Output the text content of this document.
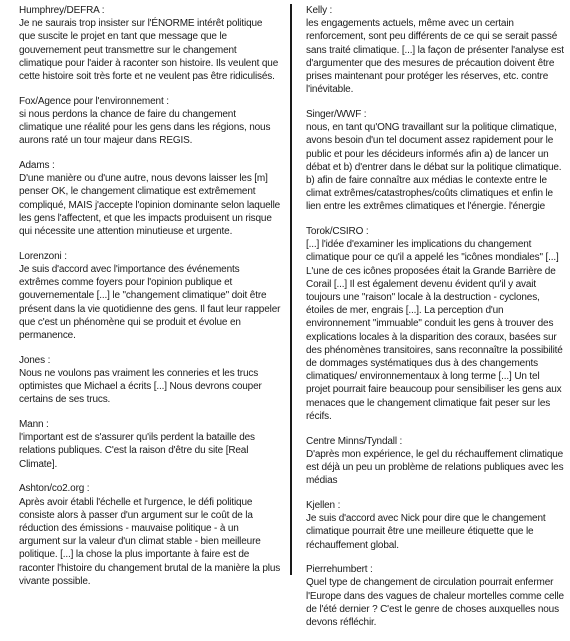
Humphrey/DEFRA :

Je ne saurais trop insister sur l'ÉNORME intérêt politique que suscite le projet en tant que message que le gouvernement peut transmettre sur le changement climatique pour l'aider à raconter son histoire. Ils veulent que cette histoire soit très forte et ne veulent pas être ridiculisés.

Fox/Agence pour l'environnement :

si nous perdons la chance de faire du changement climatique une réalité pour les gens dans les régions, nous aurons raté un tour majeur dans REGIS.

Adams :

D'une manière ou d'une autre, nous devons laisser les [m] penser OK, le changement climatique est extrêmement compliqué, MAIS j'accepte l'opinion dominante selon laquelle les gens l'affectent, et que les impacts produisent un risque qui nécessite une attention minutieuse et urgente.

Lorenzoni :

Je suis d'accord avec l'importance des événements extrêmes comme foyers pour l'opinion publique et gouvernementale [...] le "changement climatique" doit être présent dans la vie quotidienne des gens. Il faut leur rappeler que c'est un phénomène qui se produit et évolue en permanence.

Jones :

Nous ne voulons pas vraiment les conneries et les trucs optimistes que Michael a écrits [...] Nous devrons couper certains de ses trucs.

Mann :

l'important est de s'assurer qu'ils perdent la bataille des relations publiques. C'est la raison d'être du site [Real Climate].

Ashton/co2.org :

Après avoir établi l'échelle et l'urgence, le défi politique consiste alors à passer d'un argument sur le coût de la réduction des émissions - mauvaise politique - à un argument sur la valeur d'un climat stable - bien meilleure politique. [...] la chose la plus importante à faire est de raconter l'histoire du changement brutal de la manière la plus vivante possible.

Kelly :

les engagements actuels, même avec un certain renforcement, sont peu différents de ce qui se serait passé sans traité climatique. [...] la façon de présenter l'analyse est d'argumenter que des mesures de précaution doivent être prises maintenant pour protéger les réserves, etc. contre l'inévitable.

Singer/WWF :

nous, en tant qu'ONG travaillant sur la politique climatique, avons besoin d'un tel document assez rapidement pour le public et pour les décideurs informés afin a) de lancer un débat et b) d'entrer dans le débat sur la politique climatique. b) afin de faire connaître aux médias le contexte entre le climat extrêmes/catastrophes/coûts climatiques et enfin le lien entre les extrêmes climatiques et l'énergie. l'énergie

Torok/CSIRO :

[...] l'idée d'examiner les implications du changement climatique pour ce qu'il a appelé les "icônes mondiales" [...] L'une de ces icônes proposées était la Grande Barrière de Corail [...] Il est également devenu évident qu'il y avait toujours une "raison" locale à la destruction - cyclones, étoiles de mer, engrais [...]. La perception d'un environnement "immuable" conduit les gens à trouver des explications locales à la disparition des coraux, basées sur des phénomènes transitoires, sans reconnaître la possibilité de dommages systématiques dus à des changements climatiques/ environnementaux à long terme [...] Un tel projet pourrait faire beaucoup pour sensibiliser les gens aux menaces que le changement climatique fait peser sur les récifs.

Centre Minns/Tyndall :

D'après mon expérience, le gel du réchauffement climatique est déjà un peu un problème de relations publiques avec les médias

Kjellen :

Je suis d'accord avec Nick pour dire que le changement climatique pourrait être une meilleure étiquette que le réchauffement global.

Pierrehumbert :

Quel type de changement de circulation pourrait enfermer l'Europe dans des vagues de chaleur mortelles comme celle de l'été dernier ? C'est le genre de choses auxquelles nous devons réfléchir.
